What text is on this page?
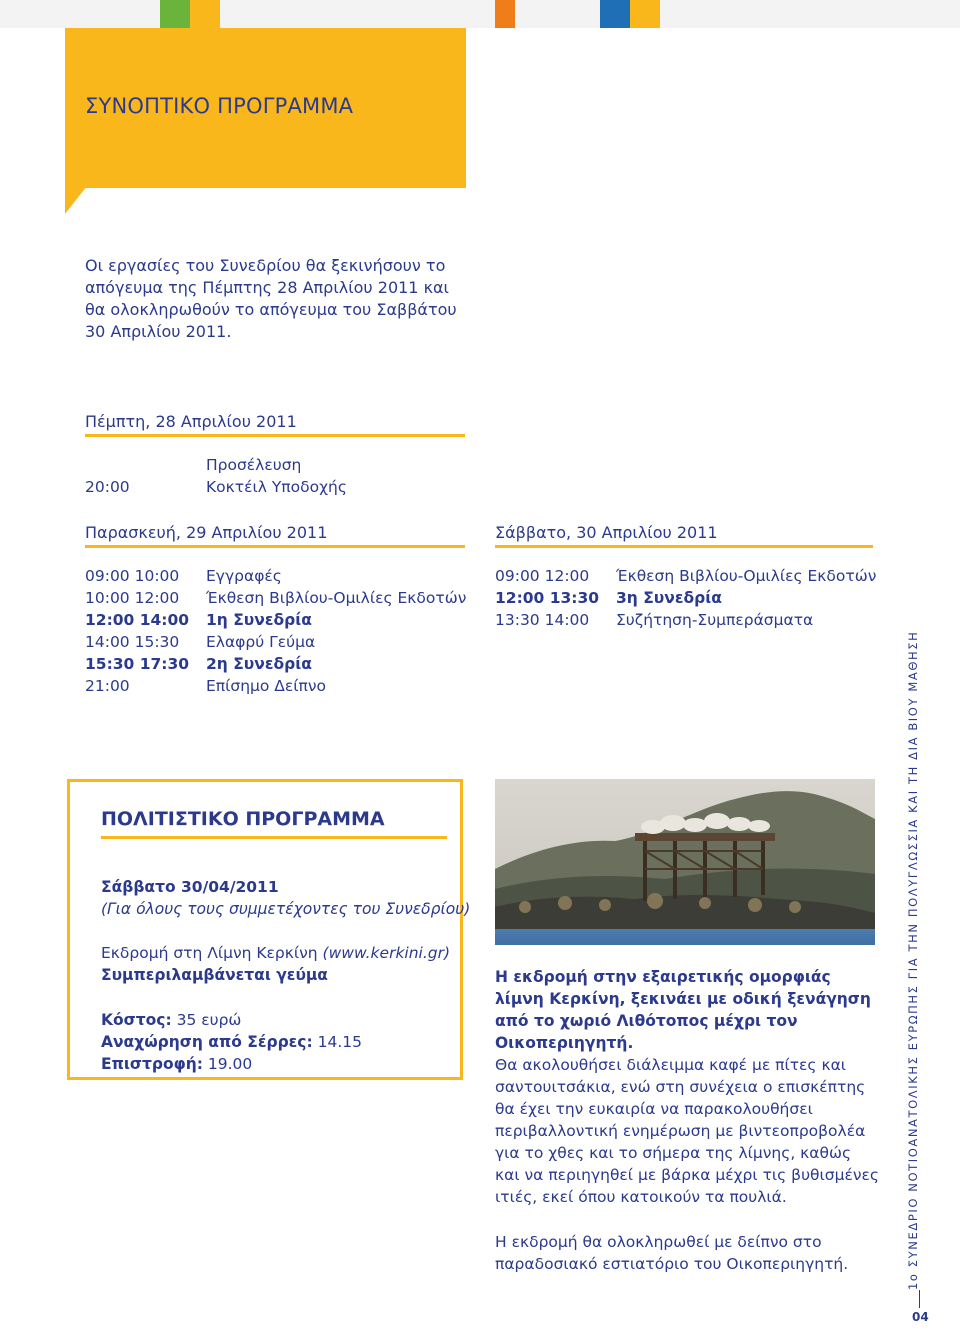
ΣΥΝΟΠΤΙΚΟ ΠΡΟΓΡΑΜΜΑ
Οι εργασίες του Συνεδρίου θα ξεκινήσουν το απόγευμα της Πέμπτης 28 Απριλίου 2011 και θα ολοκληρωθούν το απόγευμα του Σαββάτου 30 Απριλίου 2011.
Πέμπτη, 28 Απριλίου 2011
Προσέλευση
20:00	Κοκτέιλ Υποδοχής
Παρασκευή, 29 Απριλίου 2011
09:00 10:00 Εγγραφές
10:00 12:00 Έκθεση Βιβλίου-Ομιλίες Εκδοτών
12:00 14:00 1η Συνεδρία
14:00 15:30 Ελαφρύ Γεύμα
15:30 17:30 2η Συνεδρία
21:00	Επίσημο Δείπνο
Σάββατο, 30 Απριλίου 2011
09:00 12:00 Έκθεση Βιβλίου-Ομιλίες Εκδοτών
12:00 13:30 3η Συνεδρία
13:30 14:00 Συζήτηση-Συμπεράσματα
ΠΟΛΙΤΙΣΤΙΚΟ ΠΡΟΓΡΑΜΜΑ
Σάββατο 30/04/2011
(Για όλους τους συμμετέχοντες του Συνεδρίου)
Εκδρομή στη Λίμνη Κερκίνη (www.kerkini.gr)
Συμπεριλαμβάνεται γεύμα
Κόστος: 35 ευρώ
Αναχώρηση από Σέρρες: 14.15
Επιστροφή: 19.00
Η εκδρομή στην εξαιρετικής ομορφιάς λίμνη Κερκίνη, ξεκινάει με οδική ξενάγηση από το χωριό Λιθότοπος μέχρι τον Οικοπεριηγητή.
Θα ακολουθήσει διάλειμμα καφέ με πίτες και σαντουιτσάκια, ενώ στη συνέχεια ο επισκέπτης θα έχει την ευκαιρία να παρακολουθήσει περιβαλλοντική ενημέρωση με βιντεοπροβολέα για το χθες και το σήμερα της λίμνης, καθώς και να περιηγηθεί με βάρκα μέχρι τις βυθισμένες ιτιές, εκεί όπου κατοικούν τα πουλιά.
Η εκδρομή θα ολοκληρωθεί με δείπνο στο παραδοσιακό εστιατόριο του Οικοπεριηγητή.	1ο ΣΥΝΕΔΡΙΟ ΝΟΤΙΟΑΝΑΤΟΛΙΚΗΣ ΕΥΡΩΠΗΣ ΓΙΑ ΤΗΝ ΠΟΛΥΓΛΩΣΣΙΑ ΚΑΙ ΤΗ ΔΙΑ ΒΙΟΥ ΜΑΘΗΣΗ
04
